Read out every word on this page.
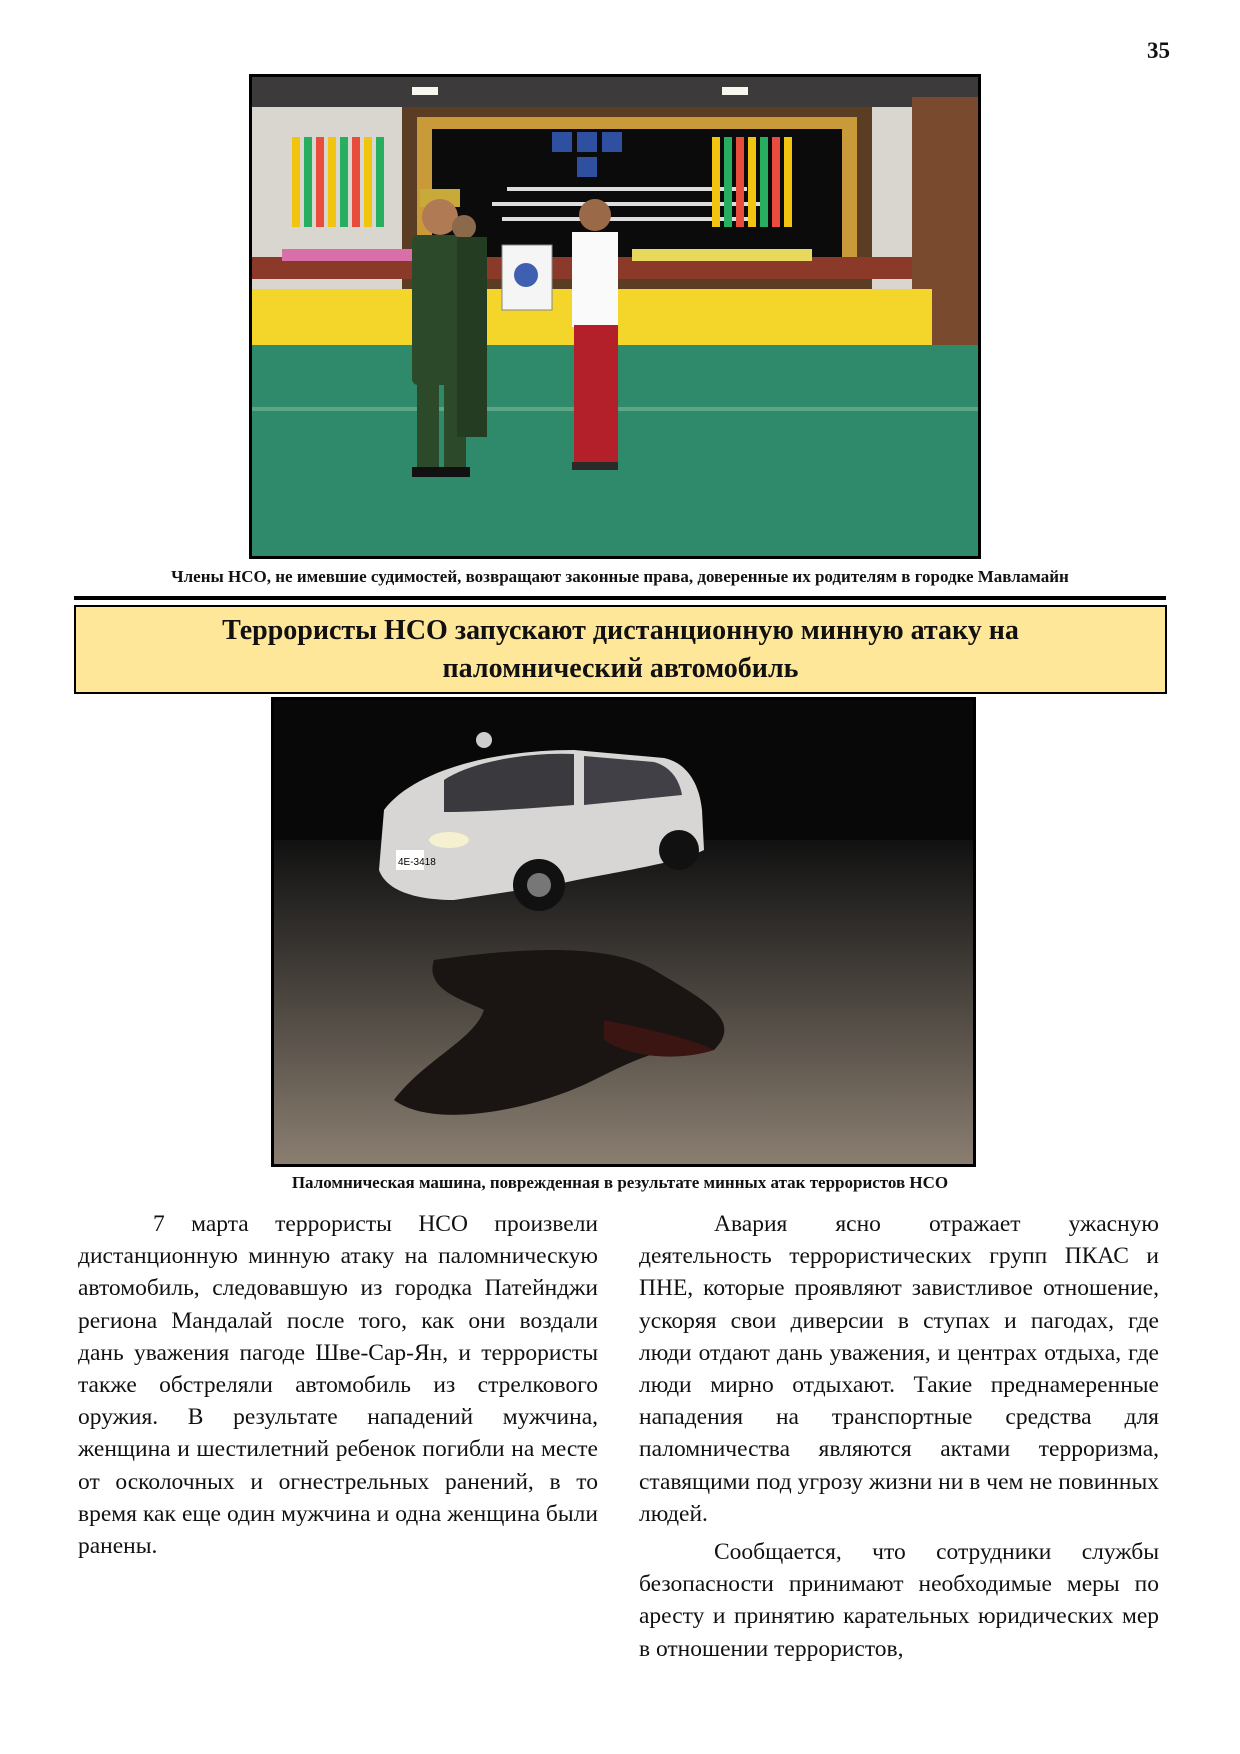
35
Члены НСО, не имевшие судимостей, возвращают законные права, доверенные их родителям в городке Мавламайн
Террористы НСО запускают дистанционную минную атаку на паломнический автомобиль
4E-3418
Паломническая машина, поврежденная в результате минных атак террористов НСО

7 марта террористы НСО произвели дистанционную минную атаку на паломническую автомобиль, следовавшую из городка Патейнджи региона Мандалай после того, как они воздали дань уважения пагоде Шве-Сар-Ян, и террористы также обстреляли автомобиль из стрелкового оружия. В результате нападений мужчина, женщина и шестилетний ребенок погибли на месте от осколочных и огнестрельных ранений, в то время как еще один мужчина и одна женщина были ранены.

Авария ясно отражает ужасную деятельность террористических групп ПКАС и ПНЕ, которые проявляют завистливое отношение, ускоряя свои диверсии в ступах и пагодах, где люди отдают дань уважения, и центрах отдыха, где люди мирно отдыхают. Такие преднамеренные нападения на транспортные средства для паломничества являются актами терроризма, ставящими под угрозу жизни ни в чем не повинных людей.

Сообщается, что сотрудники службы безопасности принимают необходимые меры по аресту и принятию карательных юридических мер в отношении террористов,
